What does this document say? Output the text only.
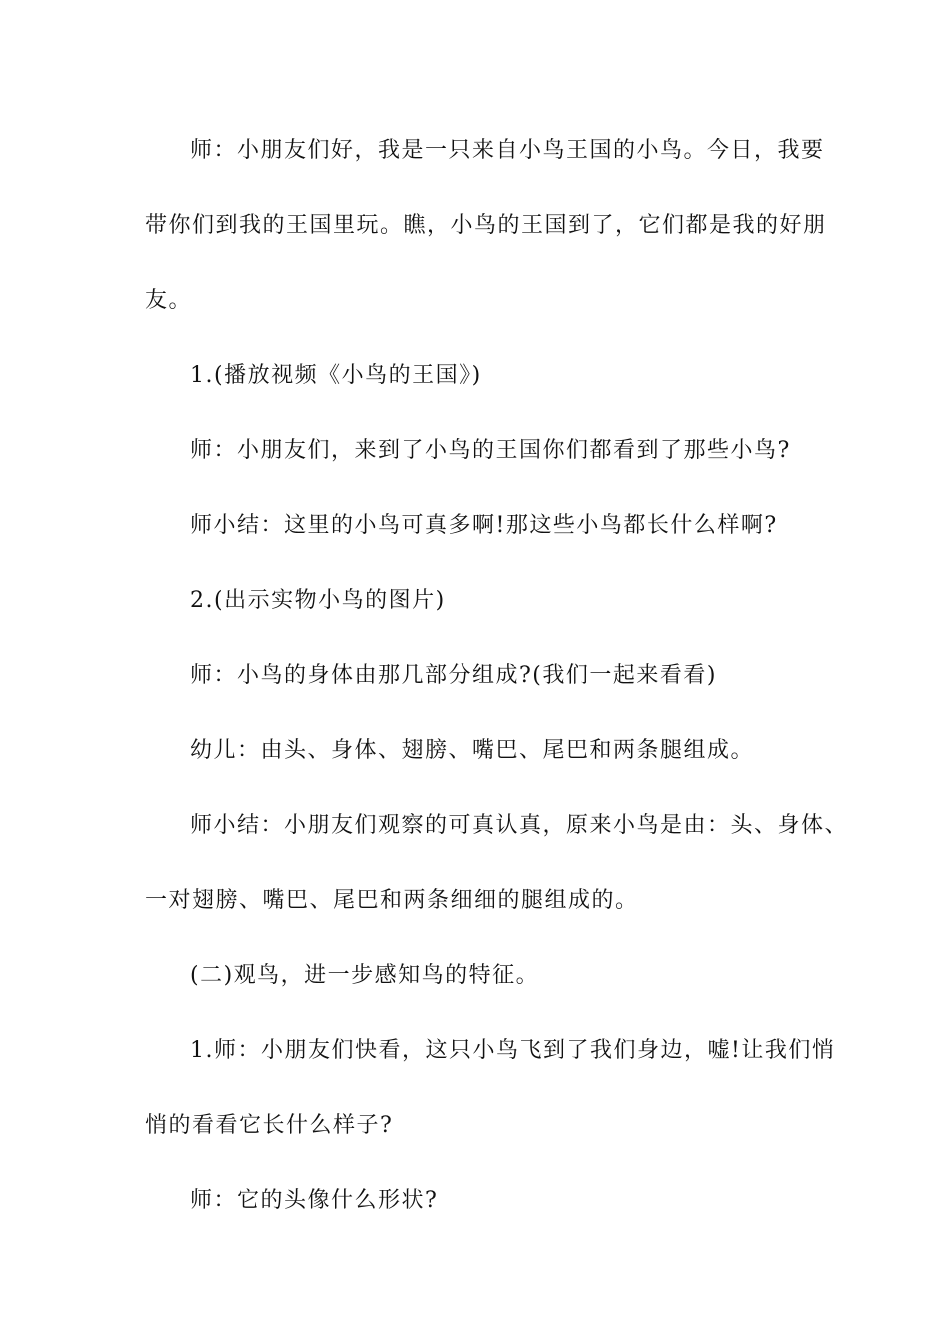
师：小朋友们好，我是一只来自小鸟王国的小鸟。今日，我要
带你们到我的王国里玩。瞧，小鸟的王国到了，它们都是我的好朋
友。
1.(播放视频《小鸟的王国》)
师：小朋友们，来到了小鸟的王国你们都看到了那些小鸟?
师小结：这里的小鸟可真多啊!那这些小鸟都长什么样啊?
2.(出示实物小鸟的图片)
师：小鸟的身体由那几部分组成?(我们一起来看看)
幼儿：由头、身体、翅膀、嘴巴、尾巴和两条腿组成。
师小结：小朋友们观察的可真认真，原来小鸟是由：头、身体、
一对翅膀、嘴巴、尾巴和两条细细的腿组成的。
(二)观鸟，进一步感知鸟的特征。
1.师：小朋友们快看，这只小鸟飞到了我们身边，嘘!让我们悄
悄的看看它长什么样子?
师：它的头像什么形状?
